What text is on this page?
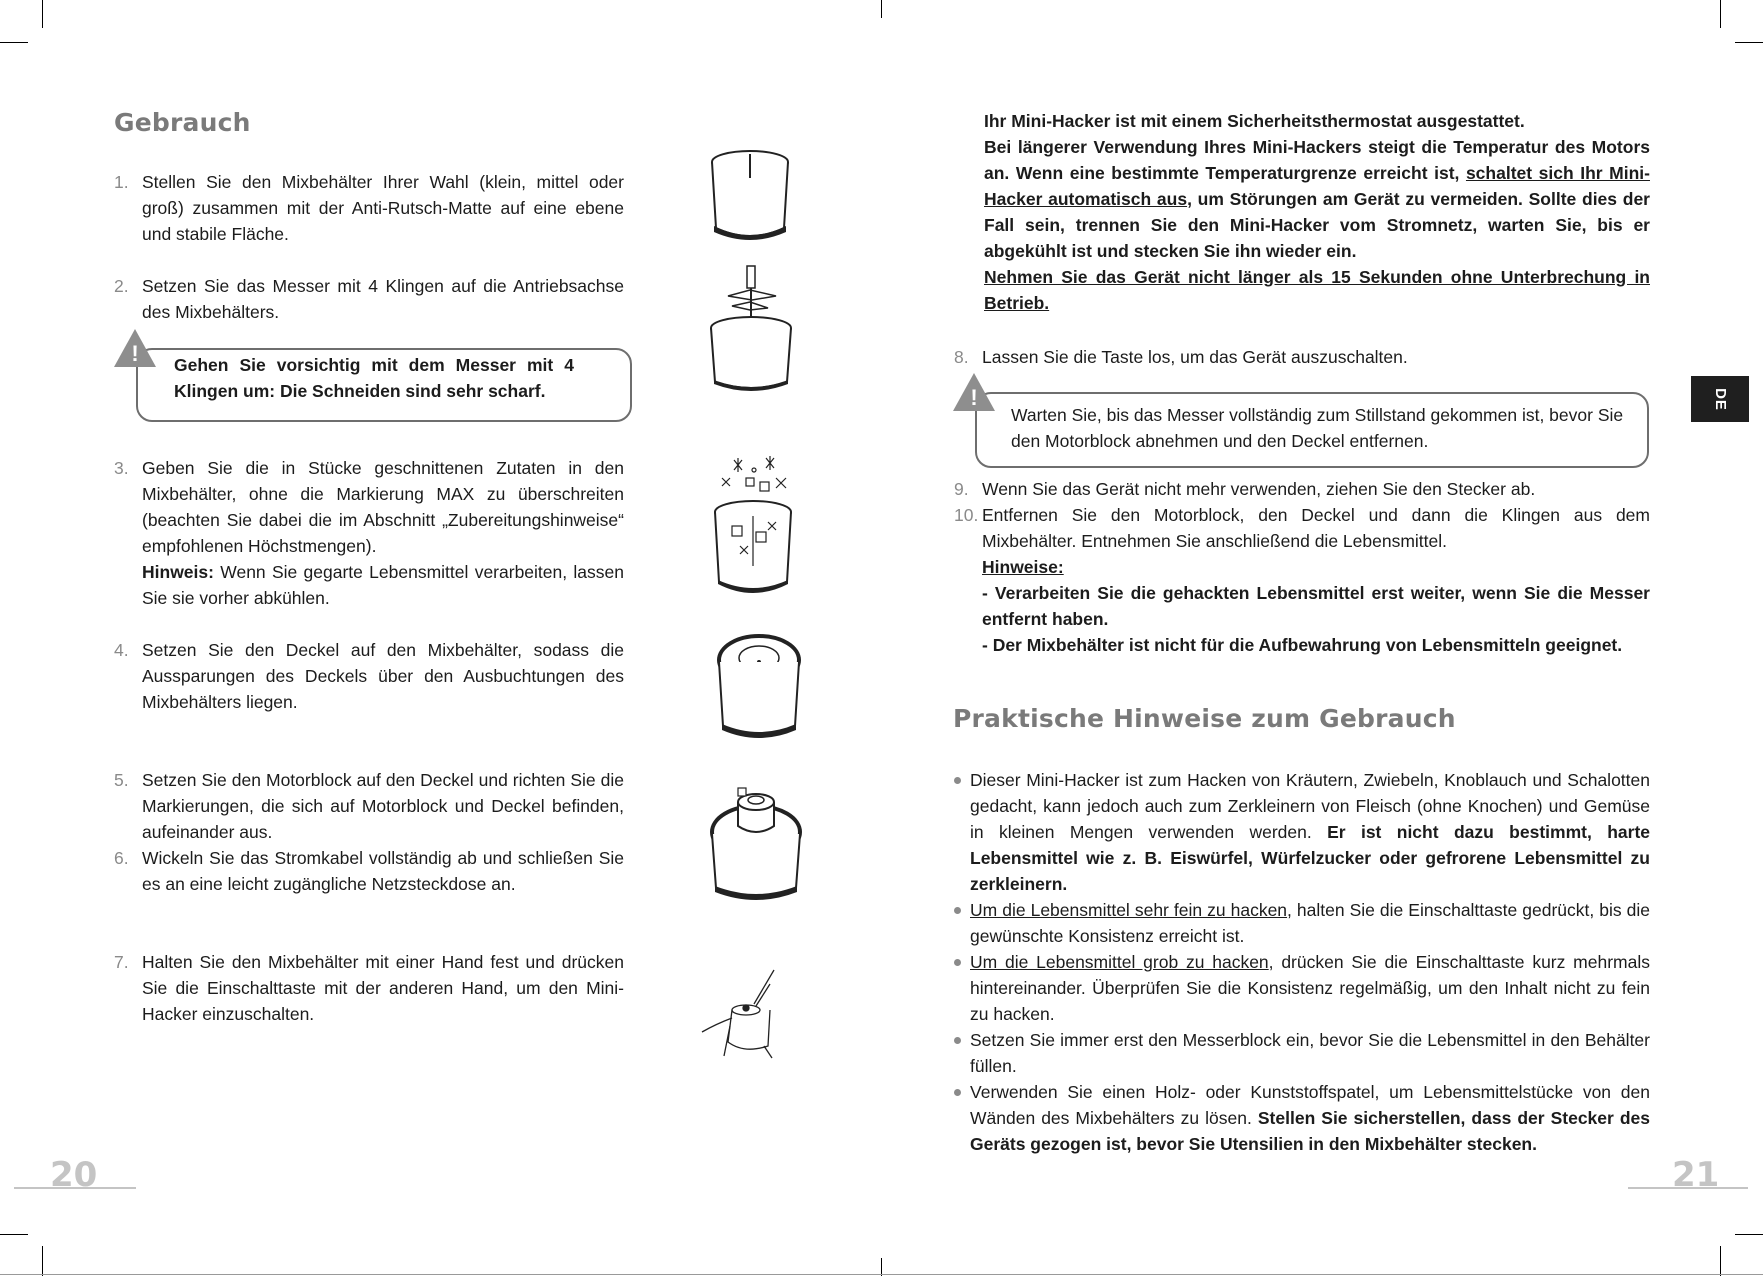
Gebrauch
1. Stellen Sie den Mixbehälter Ihrer Wahl (klein, mittel oder groß) zusammen mit der Anti-Rutsch-Matte auf eine ebene und stabile Fläche.

2. Setzen Sie das Messer mit 4 Klingen auf die Antriebsachse des Mixbehälters.

! Gehen Sie vorsichtig mit dem Messer mit 4 Klingen um: Die Schneiden sind sehr scharf.
3. Geben Sie die in Stücke geschnittenen Zutaten in den Mixbehälter, ohne die Markierung MAX zu überschreiten (beachten Sie dabei die im Abschnitt „Zubereitungshinweise“ empfohlenen Höchstmengen).

Hinweis: Wenn Sie gegarte Lebensmittel verarbeiten, lassen Sie sie vorher abkühlen.

4. Setzen Sie den Deckel auf den Mixbehälter, sodass die Aussparungen des Deckels über den Ausbuchtungen des Mixbehälters liegen.

5. Setzen Sie den Motorblock auf den Deckel und richten Sie die Markierungen, die sich auf Motorblock und Deckel befinden, aufeinander aus.

6. Wickeln Sie das Stromkabel vollständig ab und schließen Sie es an eine leicht zugängliche Netzsteckdose an.

7. Halten Sie den Mixbehälter mit einer Hand fest und drücken Sie die Einschalttaste mit der anderen Hand, um den Mini-Hacker einzuschalten.

20
Ihr Mini-Hacker ist mit einem Sicherheitsthermostat ausgestattet.
Bei längerer Verwendung Ihres Mini-Hackers steigt die Temperatur des Motors an. Wenn eine bestimmte Temperaturgrenze erreicht ist, schaltet sich Ihr Mini-Hacker automatisch aus, um Störungen am Gerät zu vermeiden. Sollte dies der Fall sein, trennen Sie den Mini-Hacker vom Stromnetz, warten Sie, bis er abgekühlt ist und stecken Sie ihn wieder ein.
Nehmen Sie das Gerät nicht länger als 15 Sekunden ohne Unterbrechung in Betrieb.
8. Lassen Sie die Taste los, um das Gerät auszuschalten.

!
Warten Sie, bis das Messer vollständig zum Stillstand gekommen ist, bevor Sie den Motorblock abnehmen und den Deckel entfernen.
9. Wenn Sie das Gerät nicht mehr verwenden, ziehen Sie den Stecker ab.

10. Entfernen Sie den Motorblock, den Deckel und dann die Klingen aus dem Mixbehälter. Entnehmen Sie anschließend die Lebensmittel.

Hinweise:

- Verarbeiten Sie die gehackten Lebensmittel erst weiter, wenn Sie die Messer entfernt haben.

- Der Mixbehälter ist nicht für die Aufbewahrung von Lebensmitteln geeignet.

Praktische Hinweise zum Gebrauch
Dieser Mini-Hacker ist zum Hacken von Kräutern, Zwiebeln, Knoblauch und Schalotten gedacht, kann jedoch auch zum Zerkleinern von Fleisch (ohne Knochen) und Gemüse in kleinen Mengen verwenden werden. Er ist nicht dazu bestimmt, harte Lebensmittel wie z. B. Eiswürfel, Würfelzucker oder gefrorene Lebensmittel zu zerkleinern.
Um die Lebensmittel sehr fein zu hacken, halten Sie die Einschalttaste gedrückt, bis die gewünschte Konsistenz erreicht ist.
Um die Lebensmittel grob zu hacken, drücken Sie die Einschalttaste kurz mehrmals hintereinander. Überprüfen Sie die Konsistenz regelmäßig, um den Inhalt nicht zu fein zu hacken.
Setzen Sie immer erst den Messerblock ein, bevor Sie die Lebensmittel in den Behälter füllen.
Verwenden Sie einen Holz- oder Kunststoffspatel, um Lebensmittelstücke von den Wänden des Mixbehälters zu lösen. Stellen Sie sicherstellen, dass der Stecker des Geräts gezogen ist, bevor Sie Utensilien in den Mixbehälter stecken.
DE
21
